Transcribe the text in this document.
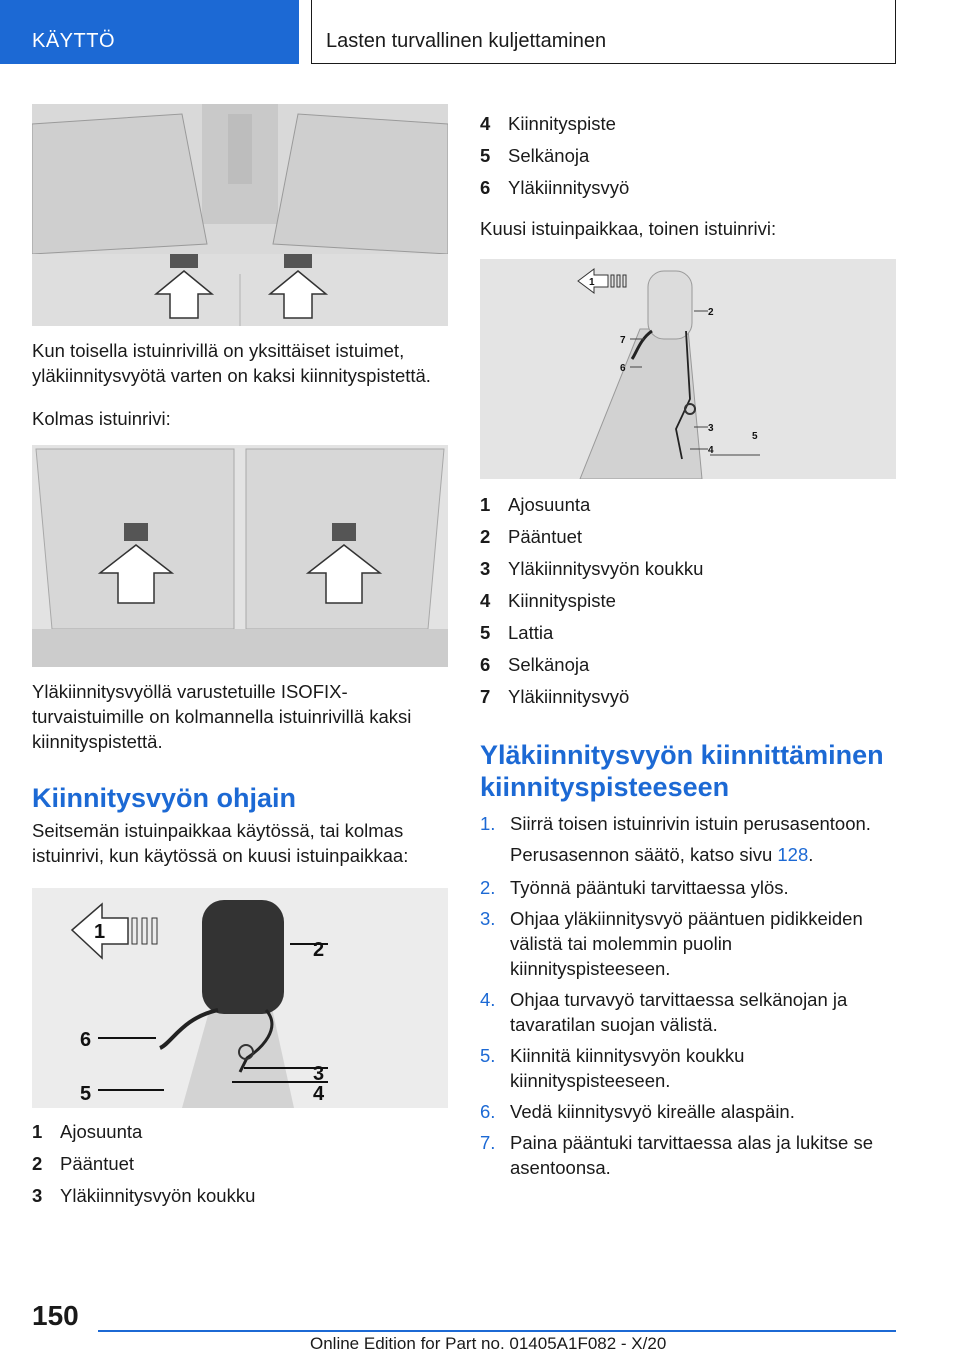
KÄYTTÖ	Lasten turvallinen kuljettaminen

Kun toisella istuinrivillä on yksittäiset istuimet, yläkiinnitysvyötä varten on kaksi kiinnityspistettä.

Kolmas istuinrivi:

Yläkiinnitysvyöllä varustetuille ISOFIX-turvaistuimille on kolmannella istuinrivillä kaksi kiinnityspistettä.

Kiinnitysvyön ohjain

Seitsemän istuinpaikkaa käytössä, tai kolmas istuinrivi, kun käytössä on kuusi istuinpaikkaa:

1
2
3
4
5
6
1 Ajosuunta
2 Pääntuet
3 Yläkiinnitysvyön koukku
4 Kiinnityspiste
5 Selkänoja
6 Yläkiinnitysvyö

Kuusi istuinpaikkaa, toinen istuinrivi:

1
2
3
4
5
6
7
1 Ajosuunta
2 Pääntuet
3 Yläkiinnitysvyön koukku
4 Kiinnityspiste
5 Lattia
6 Selkänoja
7 Yläkiinnitysvyö
Yläkiinnitysvyön kiinnittäminen kiinnityspisteeseen
1. Siirrä toisen istuinrivin istuin perusasentoon.

Perusasennon säätö, katso sivu 128.

2. Työnnä pääntuki tarvittaessa ylös.
3. Ohjaa yläkiinnitysvyö pääntuen pidikkeiden välistä tai molemmin puolin kiinnityspisteeseen.
4. Ohjaa turvavyö tarvittaessa selkänojan ja tavaratilan suojan välistä.
5. Kiinnitä kiinnitysvyön koukku kiinnityspisteeseen.
6. Vedä kiinnitysvyö kireälle alaspäin.
7. Paina pääntuki tarvittaessa alas ja lukitse se asentoonsa.
150
Online Edition for Part no. 01405A1F082 - X/20
